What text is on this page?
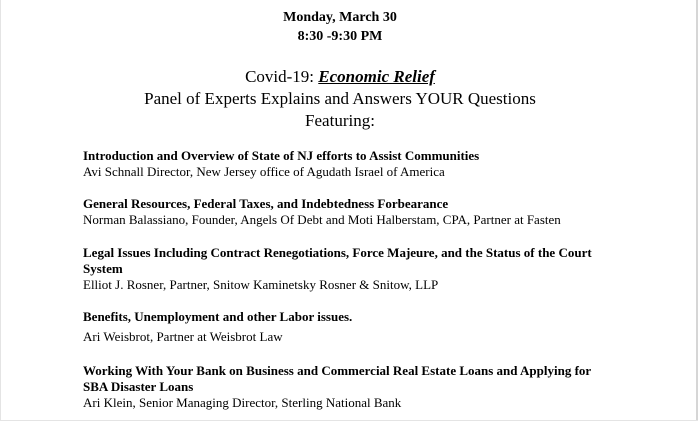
Monday, March 30
8:30 -9:30 PM
Covid-19: Economic Relief
Panel of Experts Explains and Answers YOUR Questions
Featuring:
Introduction and Overview of State of NJ efforts to Assist Communities
Avi Schnall Director, New Jersey office of Agudath Israel of America
General Resources, Federal Taxes, and Indebtedness Forbearance
Norman Balassiano, Founder, Angels Of Debt and Moti Halberstam, CPA, Partner at Fasten
Legal Issues Including Contract Renegotiations, Force Majeure, and the Status of the Court System
Elliot J. Rosner, Partner, Snitow Kaminetsky Rosner & Snitow, LLP
Benefits, Unemployment and other Labor issues.
Ari Weisbrot, Partner at Weisbrot Law
Working With Your Bank on Business and Commercial Real Estate Loans and Applying for SBA Disaster Loans
Ari Klein, Senior Managing Director, Sterling National Bank
